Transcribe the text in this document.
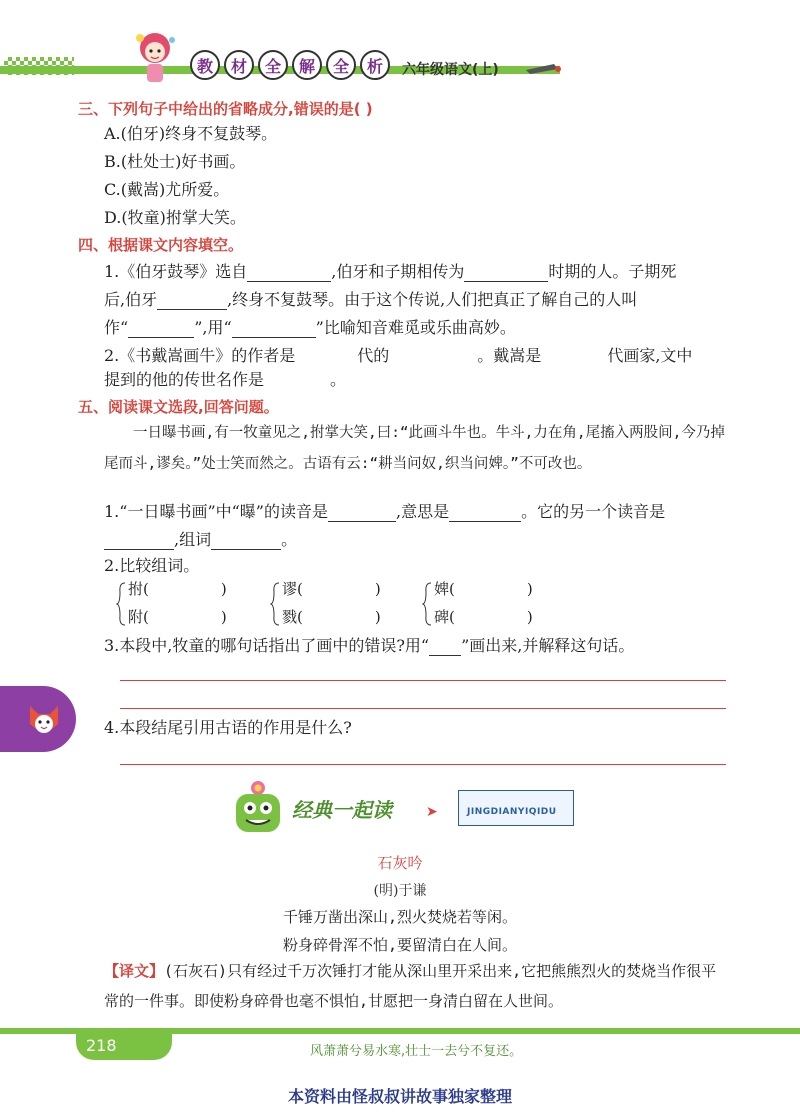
教	材	全	解	全	析	六年级语文(上)
三、下列句子中给出的省略成分,错误的是( )
A.(伯牙)终身不复鼓琴。
B.(杜处士)好书画。
C.(戴嵩)尤所爱。
D.(牧童)拊掌大笑。
四、根据课文内容填空。
1.《伯牙鼓琴》选自	,伯牙和子期相传为	时期的人。子期死
后,伯牙	,终身不复鼓琴。由于这个传说,人们把真正了解自己的人叫
作“	”,用“	”比喻知音难觅或乐曲高妙。
2.《书戴嵩画牛》的作者是	代的	。戴嵩是	代画家,文中
提到的他的传世名作是	。
五、阅读课文选段,回答问题。
　　一日曝书画,有一牧童见之,拊掌大笑,曰:“此画斗牛也。牛斗,力在角,尾搐入两股间,今乃掉尾而斗,谬矣。”处士笑而然之。古语有云:“耕当问奴,织当问婢。”不可改也。
1.“一日曝书画”中“曝”的读音是	,意思是	。它的另一个读音是
,组词	。
2.比较组词。
拊(	)
附(	)
谬(	)
戮(	)
婢(	)
碑(	)
3.本段中,牧童的哪句话指出了画中的错误?用“ ”画出来,并解释这句话。
4.本段结尾引用古语的作用是什么?
经典一起读 ➤	JINGDIANYIQIDU
石灰吟
(明)于谦
千锤万凿出深山,烈火焚烧若等闲。
粉身碎骨浑不怕,要留清白在人间。
【译文】(石灰石)只有经过千万次锤打才能从深山里开采出来,它把熊熊烈火的焚烧当作很平常的一件事。即使粉身碎骨也毫不惧怕,甘愿把一身清白留在人世间。
218	风萧萧兮易水寒,壮士一去兮不复还。
本资料由怪叔叔讲故事独家整理
